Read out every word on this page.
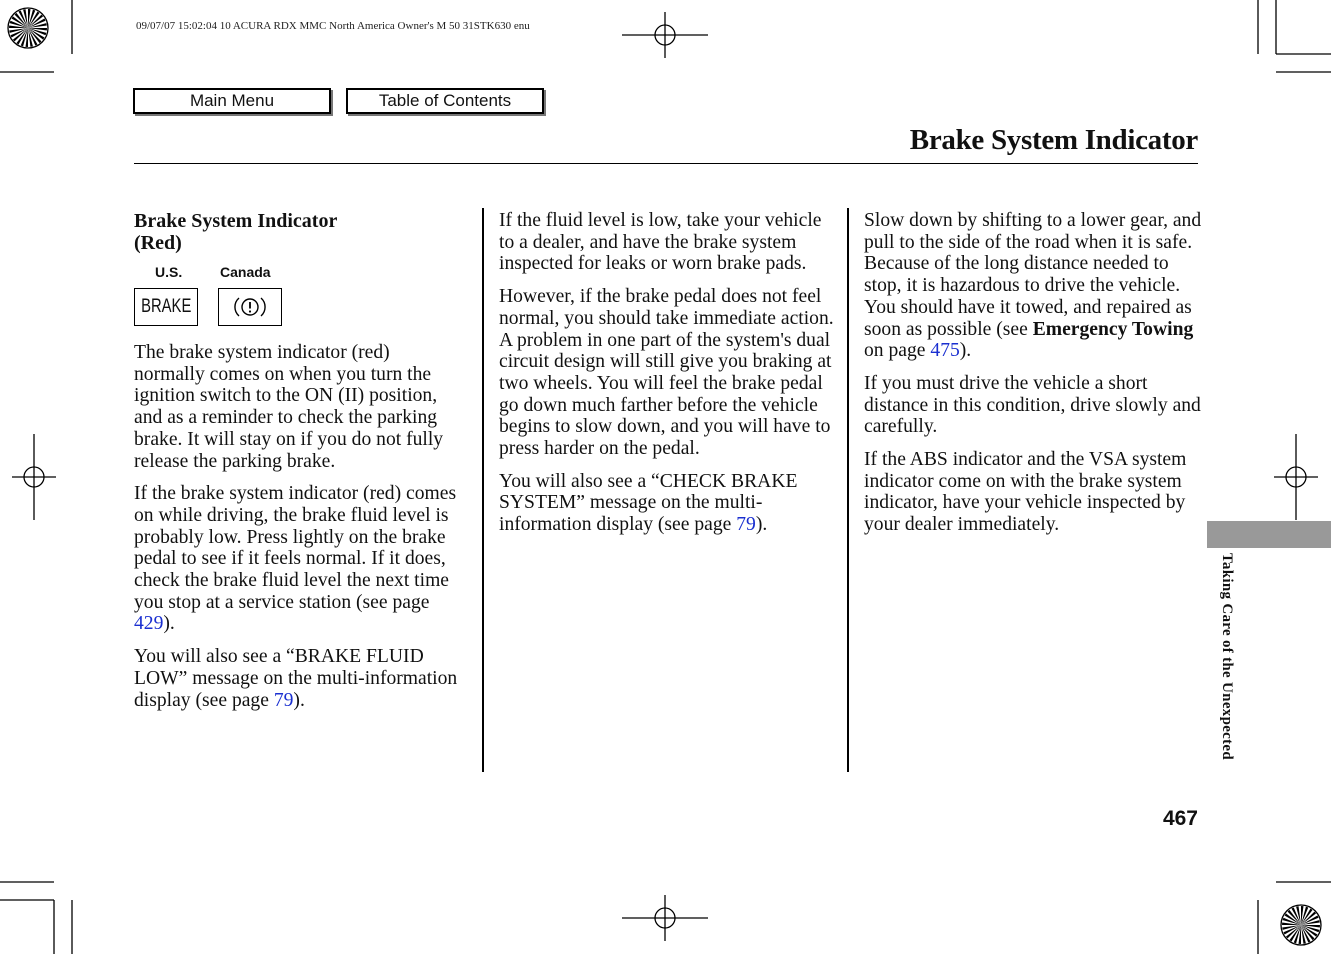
09/07/07 15:02:04 10 ACURA RDX MMC North America Owner's M 50 31STK630 enu
Main Menu	Table of Contents
Brake System Indicator
Brake System Indicator
(Red)
U.S.	Canada
BRAKE

The brake system indicator (red) normally comes on when you turn the ignition switch to the ON (II) position, and as a reminder to check the parking brake. It will stay on if you do not fully release the parking brake.

If the brake system indicator (red) comes on while driving, the brake fluid level is probably low. Press lightly on the brake pedal to see if it feels normal. If it does, check the brake fluid level the next time you stop at a service station (see page 429).

You will also see a “BRAKE FLUID LOW” message on the multi-information display (see page 79).

If the fluid level is low, take your vehicle to a dealer, and have the brake system inspected for leaks or worn brake pads.

However, if the brake pedal does not feel normal, you should take immediate action. A problem in one part of the system's dual circuit design will still give you braking at two wheels. You will feel the brake pedal go down much farther before the vehicle begins to slow down, and you will have to press harder on the pedal.

You will also see a “CHECK BRAKE SYSTEM” message on the multi-information display (see page 79).

Slow down by shifting to a lower gear, and pull to the side of the road when it is safe. Because of the long distance needed to stop, it is hazardous to drive the vehicle. You should have it towed, and repaired as soon as possible (see Emergency Towing on page 475).

If you must drive the vehicle a short distance in this condition, drive slowly and carefully.

If the ABS indicator and the VSA system indicator come on with the brake system indicator, have your vehicle inspected by your dealer immediately.

Taking Care of the Unexpected
467
